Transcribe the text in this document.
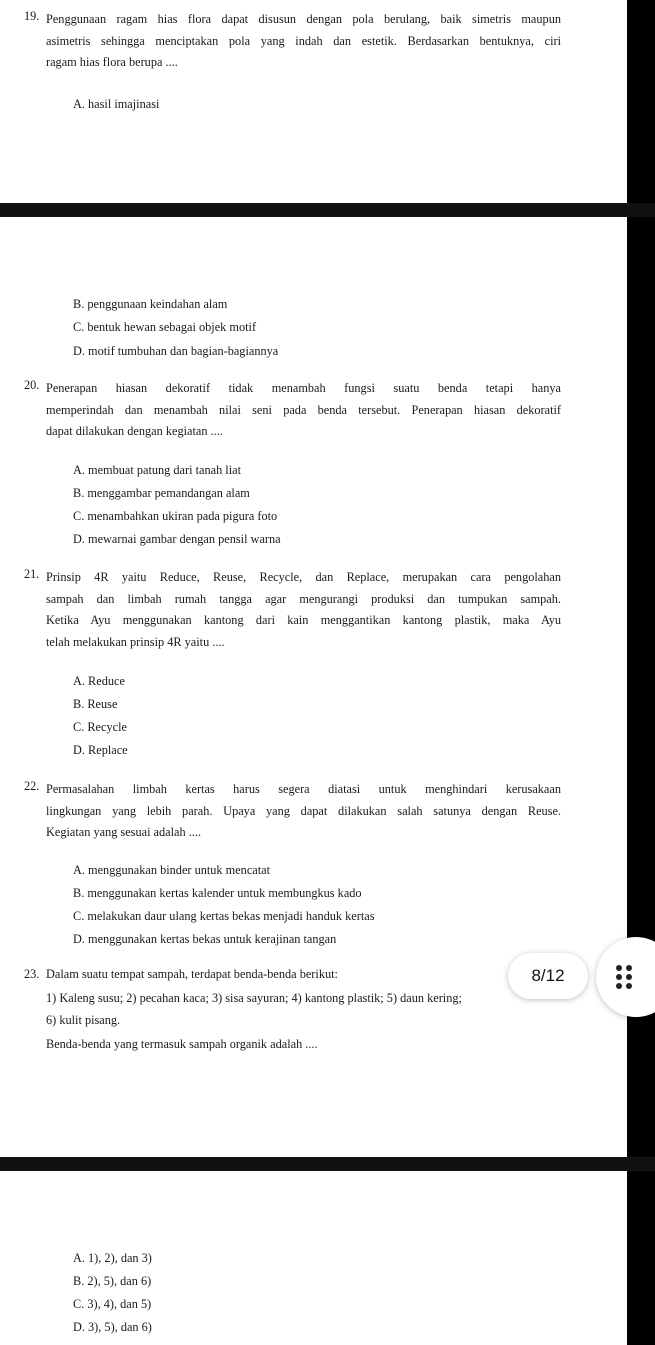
19. Penggunaan ragam hias flora dapat disusun dengan pola berulang, baik simetris maupun
asimetris sehingga menciptakan pola yang indah dan estetik. Berdasarkan bentuknya, ciri
ragam hias flora berupa ....
A. hasil imajinasi
B. penggunaan keindahan alam
C. bentuk hewan sebagai objek motif
D. motif tumbuhan dan bagian-bagiannya
20. Penerapan hiasan dekoratif tidak menambah fungsi suatu benda tetapi hanya
memperindah dan menambah nilai seni pada benda tersebut. Penerapan hiasan dekoratif
dapat dilakukan dengan kegiatan ....
A. membuat patung dari tanah liat
B. menggambar pemandangan alam
C. menambahkan ukiran pada pigura foto
D. mewarnai gambar dengan pensil warna
21. Prinsip 4R yaitu Reduce, Reuse, Recycle, dan Replace, merupakan cara pengolahan
sampah dan limbah rumah tangga agar mengurangi produksi dan tumpukan sampah.
Ketika Ayu menggunakan kantong dari kain menggantikan kantong plastik, maka Ayu
telah melakukan prinsip 4R yaitu ....
A. Reduce
B. Reuse
C. Recycle
D. Replace
22. Permasalahan limbah kertas harus segera diatasi untuk menghindari kerusakaan
lingkungan yang lebih parah. Upaya yang dapat dilakukan salah satunya dengan Reuse.
Kegiatan yang sesuai adalah ....
A. menggunakan binder untuk mencatat
B. menggunakan kertas kalender untuk membungkus kado
C. melakukan daur ulang kertas bekas menjadi handuk kertas
D. menggunakan kertas bekas untuk kerajinan tangan
23. Dalam suatu tempat sampah, terdapat benda-benda berikut:
1) Kaleng susu; 2) pecahan kaca; 3) sisa sayuran; 4) kantong plastik; 5) daun kering;
6) kulit pisang.
Benda-benda yang termasuk sampah organik adalah ....
A. 1), 2), dan 3)
B. 2), 5), dan 6)
C. 3), 4), dan 5)
D. 3), 5), dan 6)
8/12
